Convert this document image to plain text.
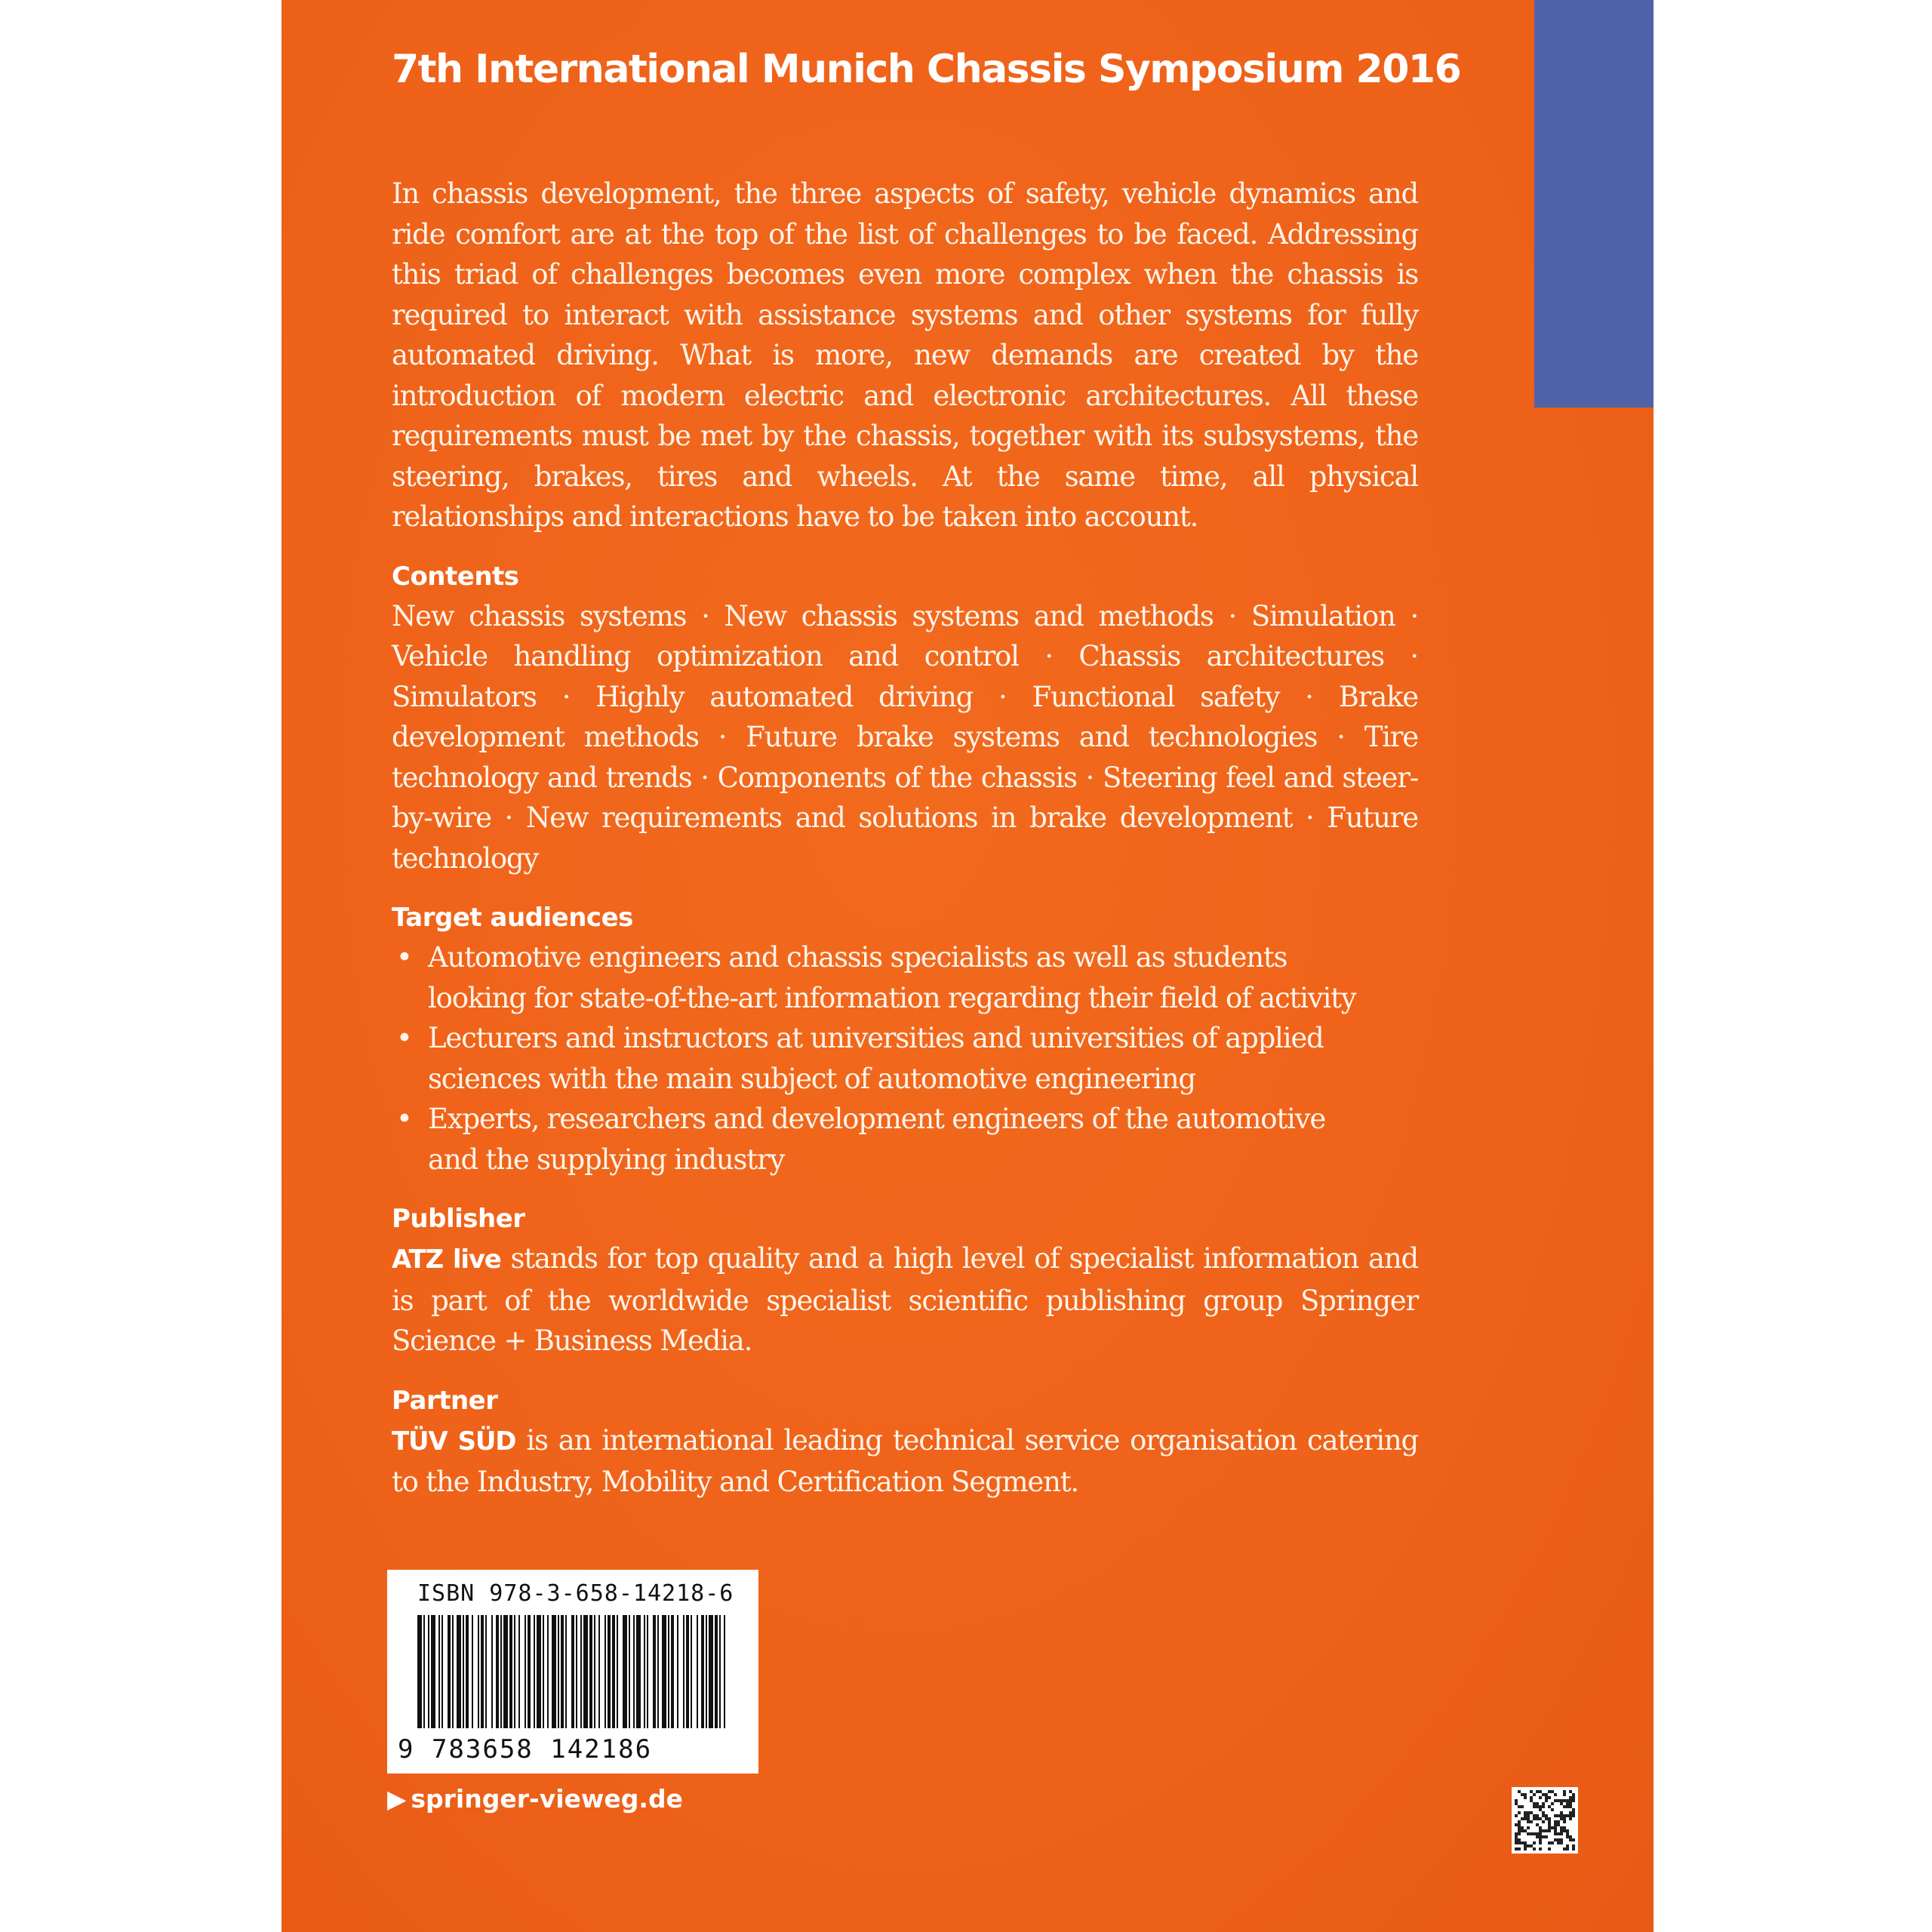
7th International Munich Chassis Symposium 2016

In chassis development, the three aspects of safety, vehicle dynamics and ride comfort are at the top of the list of challenges to be faced. Addressing this triad of challenges becomes even more complex when the chassis is required to interact with assistance systems and other systems for fully automated driving. What is more, new demands are created by the introduction of modern electric and electronic architectures. All these requirements must be met by the chassis, together with its subsystems, the steering, brakes, tires and wheels. At the same time, all physical relationships and interactions have to be taken into account.

Contents

New chassis systems · New chassis systems and methods · Simulation · Vehicle handling optimization and control · Chassis architectures · Simulators · Highly automated driving · Functional safety · Brake development methods · Future brake systems and technologies · Tire technology and trends · Components of the chassis · Steering feel and steer-by-wire · New requirements and solutions in brake development · Future technology

Target audiences
• Automotive engineers and chassis specialists as well as students looking for state-of-the-art information regarding their field of activity
• Lecturers and instructors at universities and universities of applied sciences with the main subject of automotive engineering
• Experts, researchers and development engineers of the automotive and the supplying industry
Publisher

ATZ live stands for top quality and a high level of specialist information and is part of the worldwide specialist scientific publishing group Springer Science + Business Media.

Partner

TÜV SÜD is an international leading technical service organisation catering to the Industry, Mobility and Certification Segment.

ISBN 978-3-658-14218-6
9 783658 142186
▶ springer-vieweg.de
